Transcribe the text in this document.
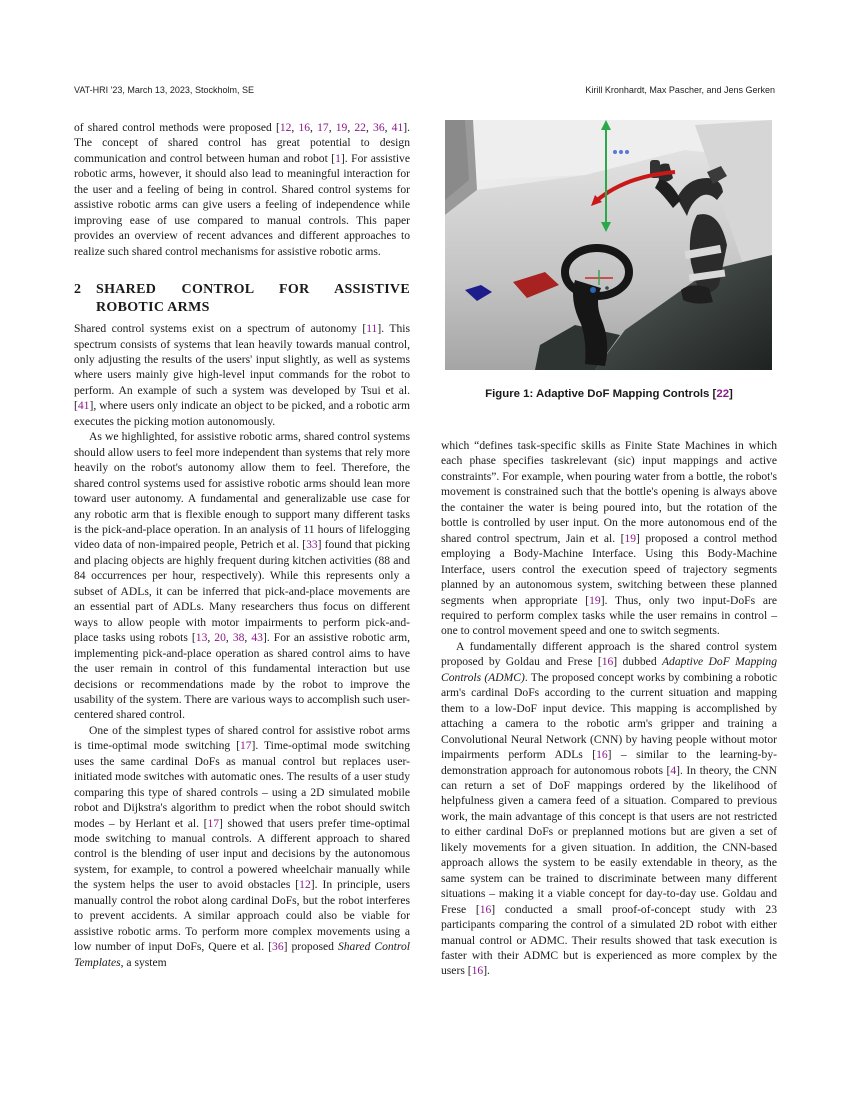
VAT-HRI '23, March 13, 2023, Stockholm, SE	Kirill Kronhardt, Max Pascher, and Jens Gerken

of shared control methods were proposed [12, 16, 17, 19, 22, 36, 41]. The concept of shared control has great potential to design communication and control between human and robot [1]. For assistive robotic arms, however, it should also lead to meaningful interaction for the user and a feeling of being in control. Shared control systems for assistive robotic arms can give users a feeling of independence while improving ease of use compared to manual controls. This paper provides an overview of recent advances and different approaches to realize such shared control mechanisms for assistive robotic arms.

2	SHARED CONTROL FOR ASSISTIVE ROBOTIC ARMS

Shared control systems exist on a spectrum of autonomy [11]. This spectrum consists of systems that lean heavily towards manual control, only adjusting the results of the users' input slightly, as well as systems where users mainly give high-level input commands for the robot to perform. An example of such a system was developed by Tsui et al. [41], where users only indicate an object to be picked, and a robotic arm executes the picking motion autonomously.

As we highlighted, for assistive robotic arms, shared control systems should allow users to feel more independent than systems that rely more heavily on the robot's autonomy allow them to feel. Therefore, the shared control systems used for assistive robotic arms should lean more toward user autonomy. A fundamental and generalizable use case for any robotic arm that is flexible enough to support many different tasks is the pick-and-place operation. In an analysis of 11 hours of lifelogging video data of non-impaired people, Petrich et al. [33] found that picking and placing objects are highly frequent during kitchen activities (88 and 84 occurrences per hour, respectively). While this represents only a subset of ADLs, it can be inferred that pick-and-place movements are an essential part of ADLs. Many researchers thus focus on different ways to allow people with motor impairments to perform pick-and-place tasks using robots [13, 20, 38, 43]. For an assistive robotic arm, implementing pick-and-place operation as shared control aims to have the user remain in control of this fundamental interaction but use decisions or recommendations made by the robot to improve the usability of the system. There are various ways to accomplish such user-centered shared control.

One of the simplest types of shared control for assistive robot arms is time-optimal mode switching [17]. Time-optimal mode switching uses the same cardinal DoFs as manual control but replaces user-initiated mode switches with automatic ones. The results of a user study comparing this type of shared controls – using a 2D simulated mobile robot and Dijkstra's algorithm to predict when the robot should switch modes – by Herlant et al. [17] showed that users prefer time-optimal mode switching to manual controls. A different approach to shared control is the blending of user input and decisions by the autonomous system, for example, to control a powered wheelchair manually while the system helps the user to avoid obstacles [12]. In principle, users manually control the robot along cardinal DoFs, but the robot interferes to prevent accidents. A similar approach could also be viable for assistive robotic arms. To perform more complex movements using a low number of input DoFs, Quere et al. [36] proposed Shared Control Templates, a system

Figure 1: Adaptive DoF Mapping Controls [22]

which “defines task-specific skills as Finite State Machines in which each phase specifies taskrelevant (sic) input mappings and active constraints”. For example, when pouring water from a bottle, the robot's movement is constrained such that the bottle's opening is always above the container the water is being poured into, but the rotation of the bottle is controlled by user input. On the more autonomous end of the shared control spectrum, Jain et al. [19] proposed a control method employing a Body-Machine Interface. Using this Body-Machine Interface, users control the execution speed of trajectory segments planned by an autonomous system, switching between these planned segments when appropriate [19]. Thus, only two input-DoFs are required to perform complex tasks while the user remains in control – one to control movement speed and one to switch segments.

A fundamentally different approach is the shared control system proposed by Goldau and Frese [16] dubbed Adaptive DoF Mapping Controls (ADMC). The proposed concept works by combining a robotic arm's cardinal DoFs according to the current situation and mapping them to a low-DoF input device. This mapping is accomplished by attaching a camera to the robotic arm's gripper and training a Convolutional Neural Network (CNN) by having people without motor impairments perform ADLs [16] – similar to the learning-by-demonstration approach for autonomous robots [4]. In theory, the CNN can return a set of DoF mappings ordered by the likelihood of helpfulness given a camera feed of a situation. Compared to previous work, the main advantage of this concept is that users are not restricted to either cardinal DoFs or preplanned motions but are given a set of likely movements for a given situation. In addition, the CNN-based approach allows the system to be easily extendable in theory, as the same system can be trained to discriminate between many different situations – making it a viable concept for day-to-day use. Goldau and Frese [16] conducted a small proof-of-concept study with 23 participants comparing the control of a simulated 2D robot with either manual control or ADMC. Their results showed that task execution is faster with their ADMC but is experienced as more complex by the users [16].
